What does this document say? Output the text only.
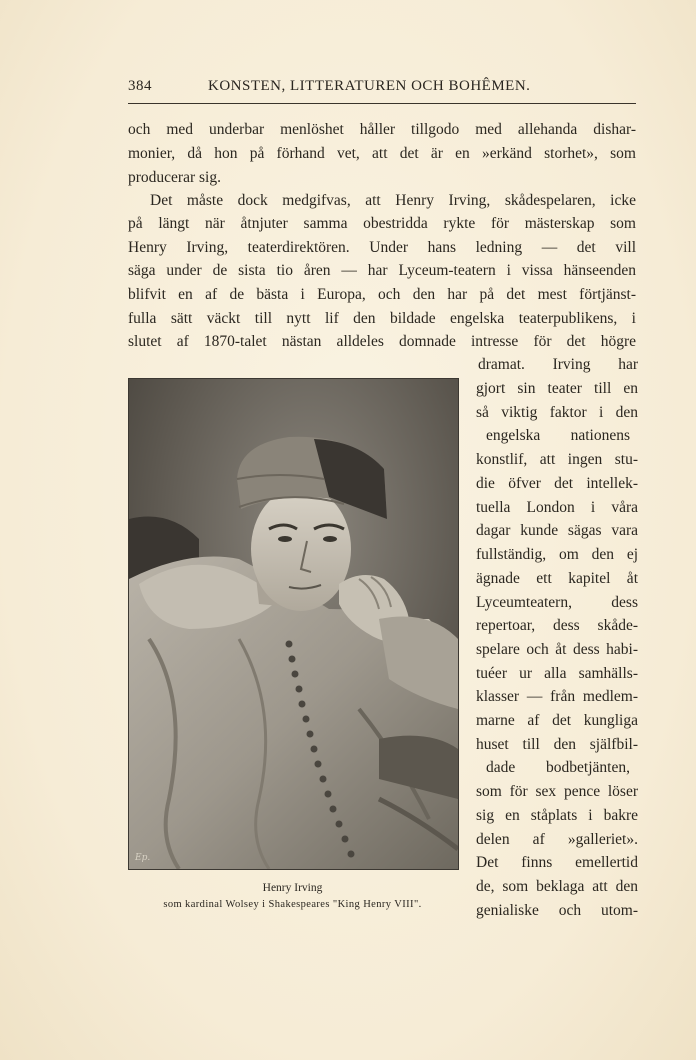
384	KONSTEN, LITTERATUREN OCH BOHÊMEN.
och med underbar menlöshet håller tillgodo med allehanda dishar-
monier, då hon på förhand vet, att det är en »erkänd storhet», som
producerar sig.
Det måste dock medgifvas, att Henry Irving, skådespelaren, icke
på längt när åtnjuter samma obestridda rykte för mästerskap som
Henry Irving, teaterdirektören. Under hans ledning — det vill
säga under de sista tio åren — har Lyceum-teatern i vissa hänseenden
blifvit en af de bästa i Europa, och den har på det mest förtjänst-
fulla sätt väckt till nytt lif den bildade engelska teaterpublikens, i
slutet af 1870-talet nästan alldeles domnade intresse för det högre
dramat. Irving har
gjort sin teater till en
så viktig faktor i den
engelska nationens
konstlif, att ingen stu-
die öfver det intellek-
tuella London i våra
dagar kunde sägas vara
fullständig, om den ej
ägnade ett kapitel åt
Lyceumteatern, dess
repertoar, dess skåde-
spelare och åt dess habi-
tuéer ur alla samhälls-
klasser — från medlem-
marne af det kungliga
huset till den själfbil-
dade bodbetjänten,
som för sex pence löser
sig en ståplats i bakre
delen af »galleriet».
Det finns emellertid
de, som beklaga att den
genialiske och utom-
Ep.
Henry Irving
som kardinal Wolsey i Shakespeares "King Henry VIII".
